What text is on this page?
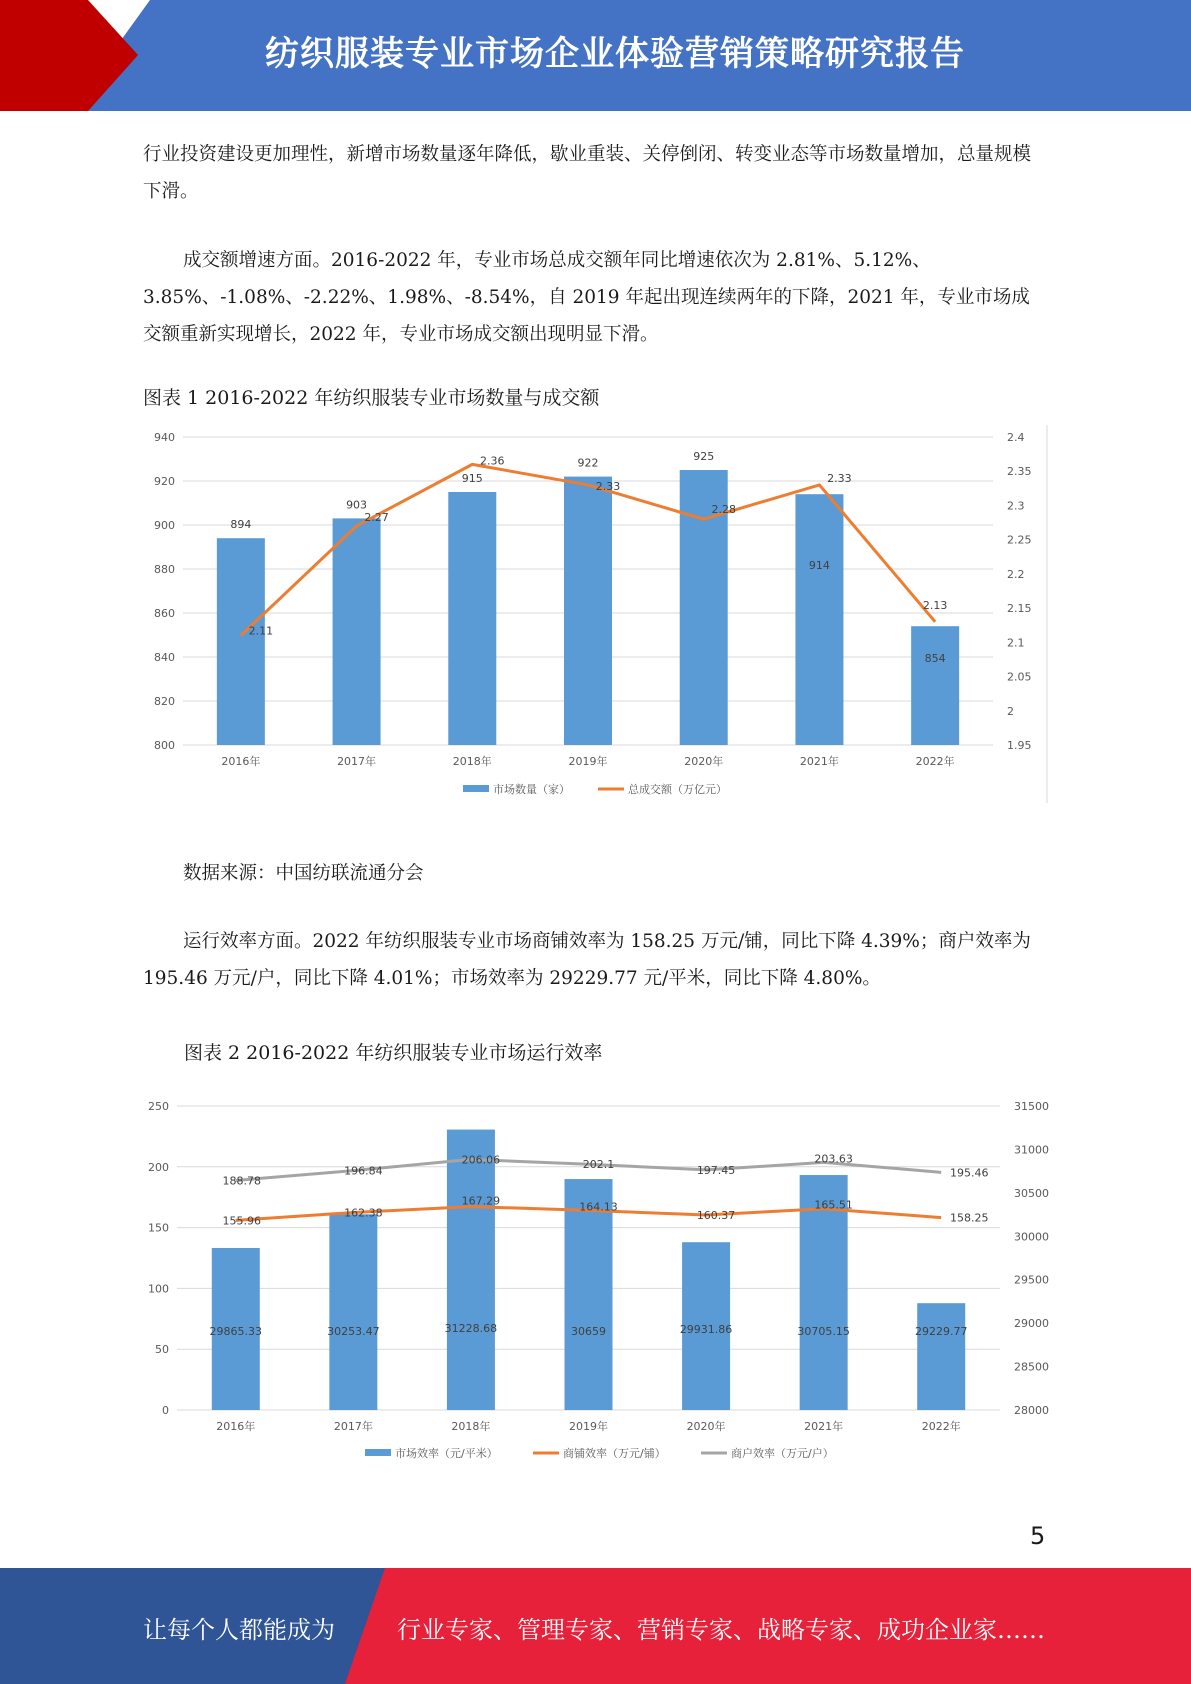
纺织服装专业市场企业体验营销策略研究报告

行业投资建设更加理性，新增市场数量逐年降低，歇业重装、关停倒闭、转变业态等市场数量增加，总量规模下滑。

成交额增速方面。2016-2022 年，专业市场总成交额年同比增速依次为 2.81%、5.12%、3.85%、-1.08%、-2.22%、1.98%、-8.54%，自 2019 年起出现连续两年的下降，2021 年，专业市场成交额重新实现增长，2022 年，专业市场成交额出现明显下滑。

图表 1 2016-2022 年纺织服装专业市场数量与成交额
800
820
840
860
880
900
920
940
1.95
2
2.05
2.1
2.15
2.2
2.25
2.3
2.35
2.4
2016年	2017年	2018年	2019年	2020年	2021年	2022年
894
903
915
922
925
914
854
2.11
2.27
2.36
2.33
2.28
2.33
2.13
市场数量（家）	总成交额（万亿元）

数据来源：中国纺联流通分会

运行效率方面。2022 年纺织服装专业市场商铺效率为 158.25 万元/铺，同比下降 4.39%；商户效率为 195.46 万元/户，同比下降 4.01%；市场效率为 29229.77 元/平米，同比下降 4.80%。

图表 2 2016-2022 年纺织服装专业市场运行效率
0
50
100
150
200
250
28000
28500
29000
29500
30000
30500
31000
31500
2016年	2017年	2018年	2019年	2020年	2021年	2022年
29865.33	30253.47	31228.68	30659	29931.86	30705.15	29229.77
155.96
162.38
167.29	164.13
160.37
165.51
158.25
188.78
196.84
206.06	202.1	197.45
203.63
195.46
市场效率（元/平米）	商铺效率（万元/铺）	商户效率（万元/户）
5
让每个人都能成为	行业专家、管理专家、营销专家、战略专家、成功企业家……
